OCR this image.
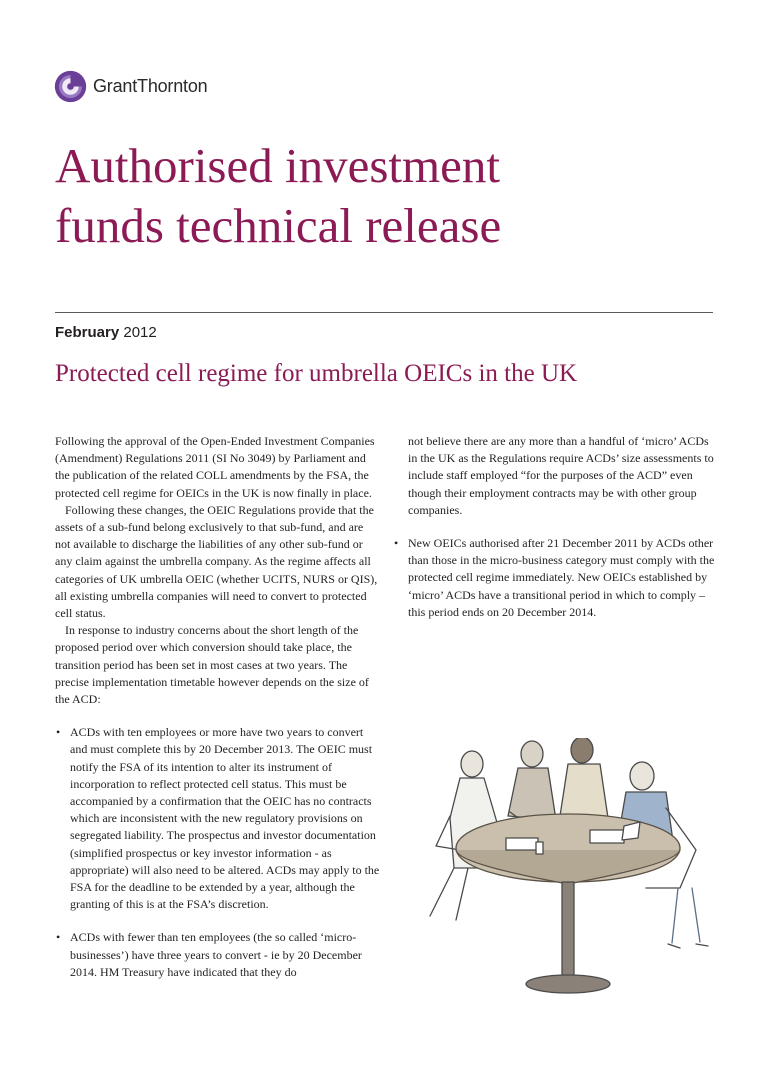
GrantThornton
Authorised investment
funds technical release
February 2012
Protected cell regime for umbrella OEICs in the UK

Following the approval of the Open-Ended Investment Companies (Amendment) Regulations 2011 (SI No 3049) by Parliament and the publication of the related COLL amendments by the FSA, the protected cell regime for OEICs in the UK is now finally in place.

Following these changes, the OEIC Regulations provide that the assets of a sub-fund belong exclusively to that sub-fund, and are not available to discharge the liabilities of any other sub-fund or any claim against the umbrella company. As the regime affects all categories of UK umbrella OEIC (whether UCITS, NURS or QIS), all existing umbrella companies will need to convert to protected cell status.

In response to industry concerns about the short length of the proposed period over which conversion should take place, the transition period has been set in most cases at two years. The precise implementation timetable however depends on the size of the ACD:

• ACDs with ten employees or more have two years to convert and must complete this by 20 December 2013. The OEIC must notify the FSA of its intention to alter its instrument of incorporation to reflect protected cell status. This must be accompanied by a confirmation that the OEIC has no contracts which are inconsistent with the new regulatory provisions on segregated liability. The prospectus and investor documentation (simplified prospectus or key investor information - as appropriate) will also need to be altered. ACDs may apply to the FSA for the deadline to be extended by a year, although the granting of this is at the FSA’s discretion.

• ACDs with fewer than ten employees (the so called ‘micro-businesses’) have three years to convert - ie by 20 December 2014. HM Treasury have indicated that they do

not believe there are any more than a handful of ‘micro’ ACDs in the UK as the Regulations require ACDs’ size assessments to include staff employed “for the purposes of the ACD” even though their employment contracts may be with other group companies.

• New OEICs authorised after 21 December 2011 by ACDs other than those in the micro-business category must comply with the protected cell regime immediately. New OEICs established by ‘micro’ ACDs have a transitional period in which to comply – this period ends on 20 December 2014.
